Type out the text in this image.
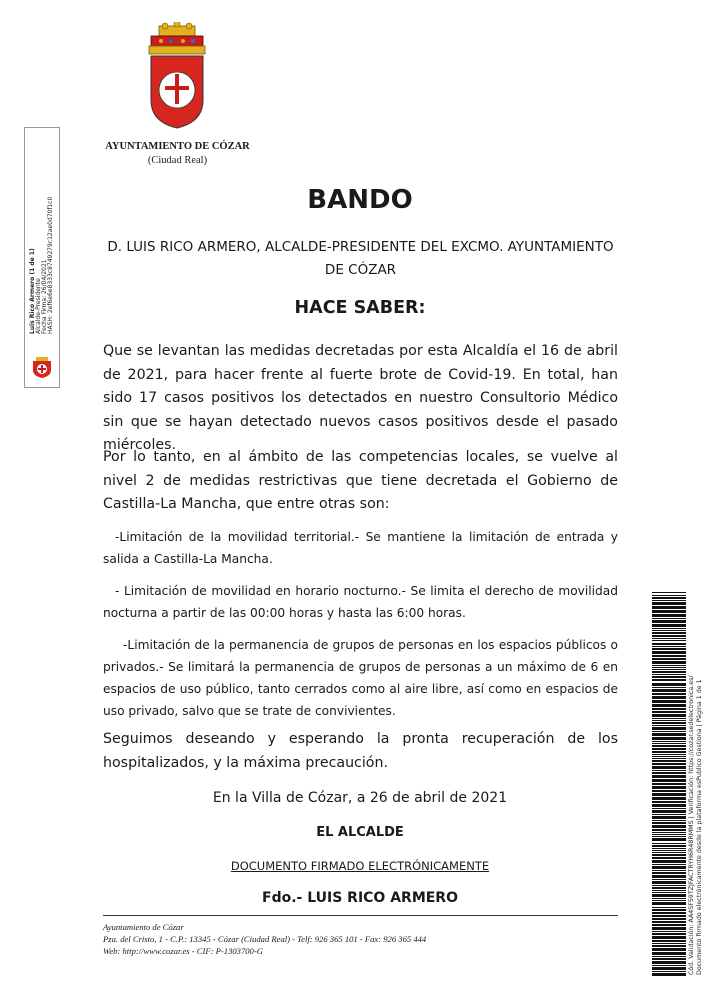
AYUNTAMIENTO DE CÓZAR
(Ciudad Real)
Luis Rico Armero (1 de 1) Alcalde-Presidente Fecha Firma: 26/04/2021 HASH: 2ef6e6e8333c8749279c12ae0d70f1c0	BANDO
D. LUIS RICO ARMERO, ALCALDE-PRESIDENTE DEL EXCMO. AYUNTAMIENTO DE CÓZAR
HACE SABER:
Que se levantan las medidas decretadas por esta Alcaldía el 16 de abril de 2021, para hacer frente al fuerte brote de Covid-19. En total, han sido 17 casos positivos los detectados en nuestro Consultorio Médico sin que se hayan detectado nuevos casos positivos desde el pasado miércoles.
Por lo tanto, en al ámbito de las competencias locales, se vuelve al nivel 2 de medidas restrictivas que tiene decretada el Gobierno de Castilla-La Mancha, que entre otras son:
-Limitación de la movilidad territorial.- Se mantiene la limitación de entrada y salida a Castilla-La Mancha.
- Limitación de movilidad en horario nocturno.- Se limita el derecho de movilidad nocturna a partir de las 00:00 horas y hasta las 6:00 horas.
-Limitación de la permanencia de grupos de personas en los espacios públicos o privados.- Se limitará la permanencia de grupos de personas a un máximo de 6 en espacios de uso público, tanto cerrados como al aire libre, así como en espacios de uso privado, salvo que se trate de convivientes.
Seguimos deseando y esperando la pronta recuperación de los hospitalizados, y la máxima precaución.
En la Villa de Cózar, a 26 de abril de 2021
EL ALCALDE
DOCUMENTO FIRMADO ELECTRÓNICAMENTE
Fdo.- LUIS RICO ARMERO
Ayuntamiento de Cózar
Pza. del Cristo, 1 - C.P.: 13345 - Cózar (Ciudad Real) - Telf: 926 365 101 - Fax: 926 365 444
Web: http://www.cozar.es - CIF: P-1303700-G	Cód. Validación: AA4SF59TZJFACTRYH6R48RMMS | Verificación: https://cozar.sedelectronica.es/ Documento firmado electrónicamente desde la plataforma esPublico Gestiona | Página 1 de 1
